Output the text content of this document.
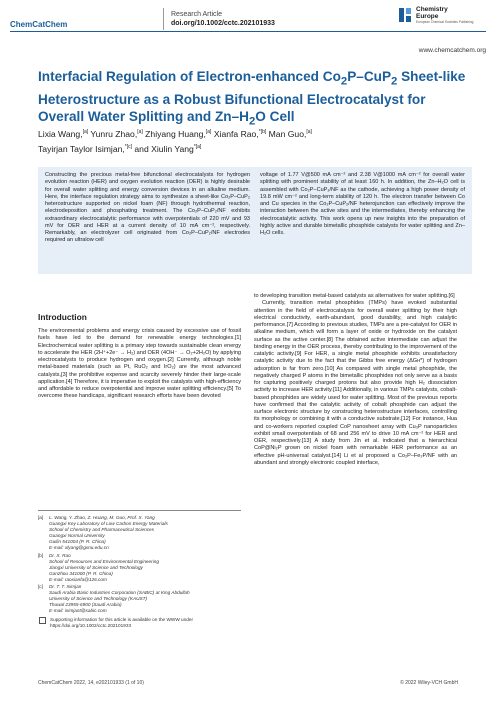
ChemCatChem
Research Article
doi.org/10.1002/cctc.202101933
Chemistry
Europe
European Chemical Societies Publishing
www.chemcatchem.org
Interfacial Regulation of Electron-enhanced $Co_2P-CuP_2$ Sheet-like Heterostructure as a Robust Bifunctional Electrocatalyst for Overall Water Splitting and $Zn-H_2O$ Cell
Lixia Wang,[a] Yunru Zhao,[a] Zhiyang Huang,[a] Xianfa Rao,$^{*[b]}$ Man Guo,[a]
Tayirjan Taylor Isimjan,$^{*[c]}$ and Xiulin Yang$^{*[a]}$

Constructing the precious metal-free bifunctional electrocatalysts for hydrogen evolution reaction (HER) and oxygen evolution reaction (OER) is highly desirable for overall water splitting and energy conversion devices in an alkaline medium. Here, the interface regulation strategy aims to synthesize a sheet-like Co₂P–CuP₂ heterostructure supported on nickel foam (NF) through hydrothermal reaction, electrodeposition and phosphating treatment. The Co₂P–CuP₂/NF exhibits extraordinary electrocatalytic performance with overpotentials of 220 mV and 93 mV for OER and HER at a current density of 10 mA cm⁻², respectively. Remarkably, an electrolyzer cell originated from Co₂P–CuP₂/NF electrodes required an ultralow cell

voltage of 1.77 V@500 mA cm⁻² and 2.38 V@1000 mA cm⁻² for overall water splitting with prominent stability of at least 160 h. In addition, the Zn–H₂O cell is assembled with Co₂P–CuP₂/NF as the cathode, achieving a high power density of 19.8 mW cm⁻² and long-term stability of 120 h. The electron transfer between Co and Cu species in the Co₂P–CuP₂/NF heterojunction can effectively improve the interaction between the active sites and the intermediates, thereby enhancing the electrocatalytic activity. This work opens up new insights into the preparation of highly active and durable bimetallic phosphide catalysts for water splitting and Zn–H₂O cells.

Introduction

The environmental problems and energy crisis caused by excessive use of fossil fuels have led to the demand for renewable energy technologies.[1] Electrochemical water splitting is a primary step towards sustainable clean energy to accelerate the HER (2H⁺+2e⁻ → H₂) and OER (4OH⁻ → O₂+2H₂O) by applying electrocatalysts to produce hydrogen and oxygen.[2] Currently, although noble metal-based materials (such as Pt, RuO₂ and IrO₂) are the most advanced catalysts,[3] the prohibitive expense and scarcity severely hinder their large-scale application.[4] Therefore, it is imperative to exploit the catalysts with high-efficiency and affordable to reduce overpotential and improve water splitting efficiency.[5] To overcome these handicaps, significant research efforts have been devoted

to developing transition metal-based catalysts as alternatives for water splitting.[6]

Currently, transition metal phosphides (TMPs) have evoked substantial attention in the field of electrocatalysis for overall water splitting by their high electrical conductivity, earth-abundant, good durability, and high catalytic performance.[7] According to previous studies, TMPs are a pre-catalyst for OER in alkaline medium, which will form a layer of oxide or hydroxide on the catalyst surface as the active center.[8] The obtained active intermediate can adjust the binding energy in the OER process, thereby contributing to the improvement of the catalytic activity.[9] For HER, a single metal phosphide exhibits unsatisfactory catalytic activity due to the fact that the Gibbs free energy (ΔGʜ*) of hydrogen adsorption is far from zero.[10] As compared with single metal phosphide, the negatively charged P atoms in the bimetallic phosphides not only serve as a basis for capturing positively charged protons but also provide high H₂ dissociation activity to increase HER activity.[11] Additionally, in various TMPs catalysts, cobalt-based phosphides are widely used for water splitting. Most of the previous reports have confirmed that the catalytic activity of cobalt phosphide can adjust the surface electronic structure by constructing heterostructure interfaces, controlling its morphology or combining it with a conductive substrate.[12] For instance, Hua and co-workers reported coupled CoP nanosheet array with Cu₃P nanoparticles exhibit small overpotentials of 68 and 256 mV to drive 10 mA cm⁻² for HER and OER, respectively.[13] A study from Jin et al. indicated that a hierarchical CoP@Ni₂P grown on nickel foam with remarkable HER performance as an effective pH-universal catalyst.[14] Li et al proposed a Co₂P–Fe₂P/NF with an abundant and strongly electronic coupled interface,

[a]	L. Wang, Y. Zhao, Z. Huang, M. Guo, Prof. X. Yang
Guangxi Key Laboratory of Low Carbon Energy Materials
School of Chemistry and Pharmaceutical Sciences
Guangxi Normal University
Guilin 541004 (P. R. China)
E-mail: xlyang@gxnu.edu.cn
[b]	Dr. X. Rao
School of Resources and Environmental Engineering
Jiangxi University of Science and Technology
Ganzhou 341000 (P. R. China)
E-mail: raoxianfa@126.com
[c]	Dr. T. T. Isimjan
Saudi Arabia Basic Industries Corporation (SABIC) at King Abdullah
University of Science and Technology (KAUST)
Thuwal 23955-6900 (Saudi Arabia)
E-mail: isimjant@sabic.com
Supporting information for this article is available on the WWW under https://doi.org/10.1002/cctc.202101933
ChemCatChem 2022, 14, e202101933 (1 of 10)	© 2022 Wiley-VCH GmbH
